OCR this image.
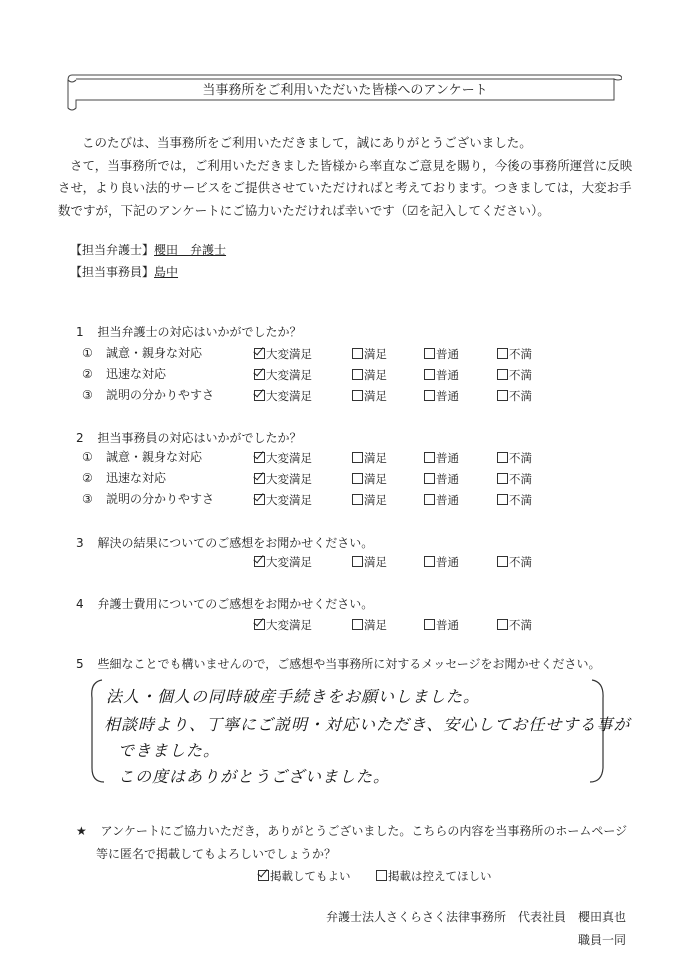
当事務所をご利用いただいた皆様へのアンケート

このたびは、当事務所をご利用いただきまして，誠にありがとうございました。

さて，当事務所では，ご利用いただきました皆様から率直なご意見を賜り，今後の事務所運営に反映

させ，より良い法的サービスをご提供させていただければと考えております。つきましては，大変お手

数ですが，下記のアンケートにご協力いただければ幸いです（☑を記入してください）。

【担当弁護士】櫻田　弁護士
【担当事務員】島中
1 担当弁護士の対応はいかがでしたか？
① 誠意・親身な対応	大変満足	満足	普通	不満
② 迅速な対応	大変満足	満足	普通	不満
③ 説明の分かりやすさ	大変満足	満足	普通	不満
2 担当事務員の対応はいかがでしたか？
① 誠意・親身な対応	大変満足	満足	普通	不満
② 迅速な対応	大変満足	満足	普通	不満
③ 説明の分かりやすさ	大変満足	満足	普通	不満
3 解決の結果についてのご感想をお聞かせください。
大変満足	満足	普通	不満
4 弁護士費用についてのご感想をお聞かせください。
大変満足	満足	普通	不満
5 些細なことでも構いませんので，ご感想や当事務所に対するメッセージをお聞かせください。
法人・個人の同時破産手続きをお願いしました。
相談時より、丁寧にご説明・対応いただき、安心してお任せする事が
できました。
この度はありがとうございました。
★ アンケートにご協力いただき，ありがとうございました。こちらの内容を当事務所のホームページ
等に匿名で掲載してもよろしいでしょうか？
掲載してもよい	掲載は控えてほしい
弁護士法人さくらさく法律事務所　代表社員　櫻田真也
職員一同
